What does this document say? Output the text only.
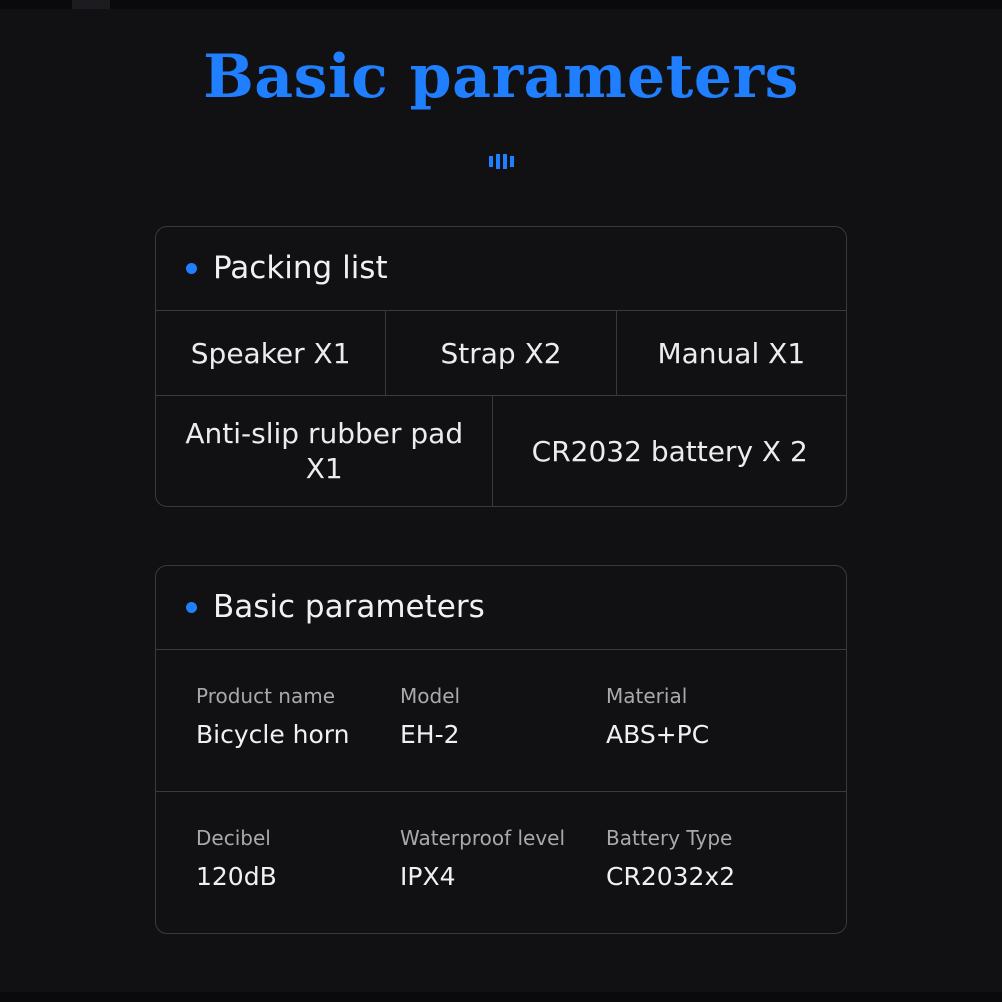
Basic parameters
Packing list
Speaker X1	Strap X2	Manual X1
Anti-slip rubber pad X1
CR2032 battery X 2
Basic parameters
Product name
Bicycle horn
Model
EH-2
Material
ABS+PC
Decibel
120dB
Waterproof level
IPX4
Battery Type
CR2032x2
